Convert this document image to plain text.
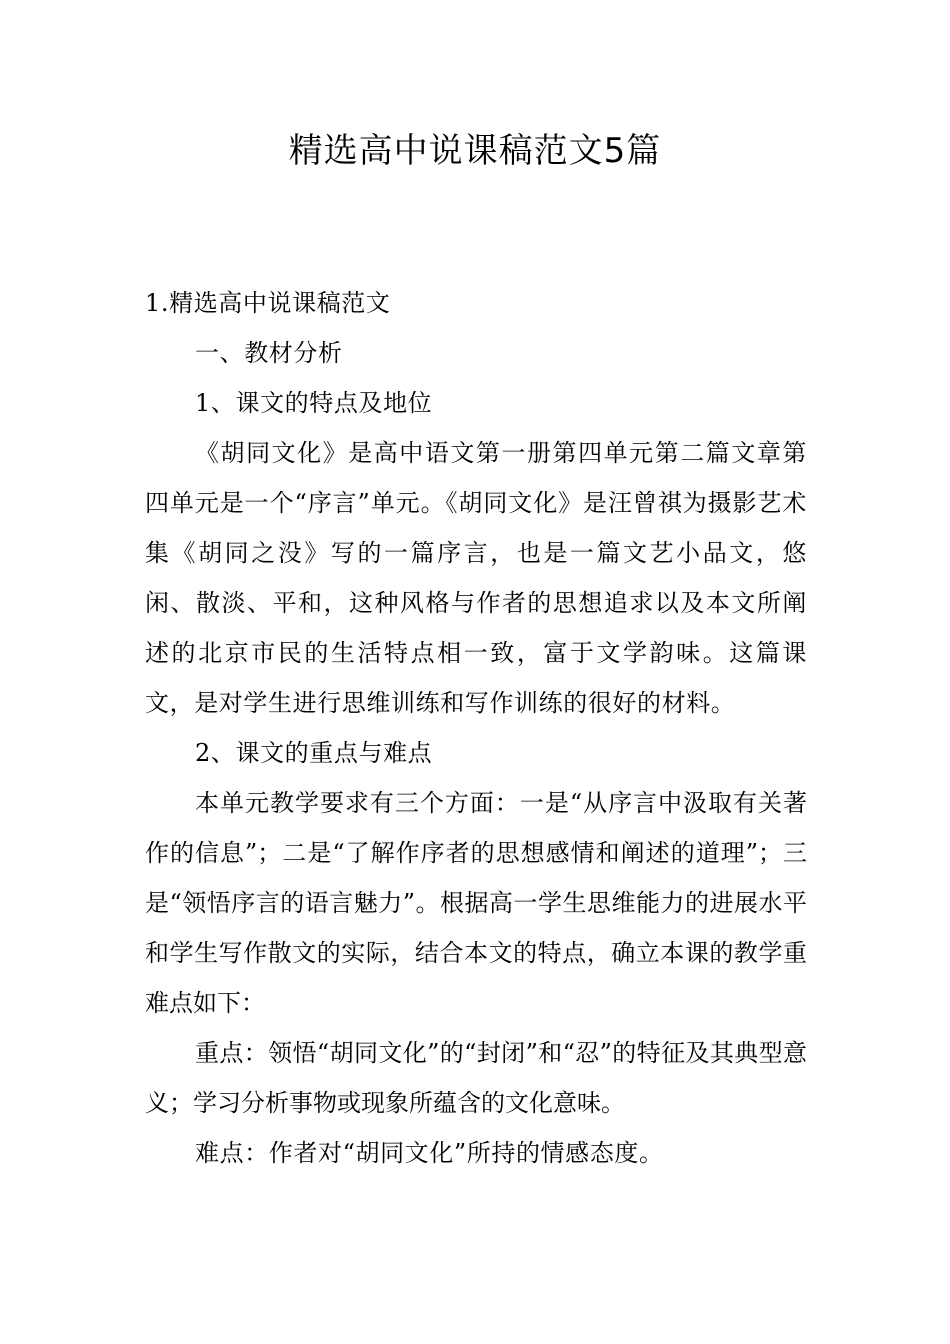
精选高中说课稿范文5篇

1.精选高中说课稿范文

一、教材分析

1、课文的特点及地位

《胡同文化》是高中语文第一册第四单元第二篇文章第四单元是一个“序言”单元。《胡同文化》是汪曾祺为摄影艺术集《胡同之没》写的一篇序言，也是一篇文艺小品文，悠闲、散淡、平和，这种风格与作者的思想追求以及本文所阐述的北京市民的生活特点相一致，富于文学韵味。这篇课文，是对学生进行思维训练和写作训练的很好的材料。

2、课文的重点与难点

本单元教学要求有三个方面：一是“从序言中汲取有关著作的信息”；二是“了解作序者的思想感情和阐述的道理”；三是“领悟序言的语言魅力”。根据高一学生思维能力的进展水平和学生写作散文的实际，结合本文的特点，确立本课的教学重难点如下：

重点：领悟“胡同文化”的“封闭”和“忍”的特征及其典型意义；学习分析事物或现象所蕴含的文化意味。

难点：作者对“胡同文化”所持的情感态度。
